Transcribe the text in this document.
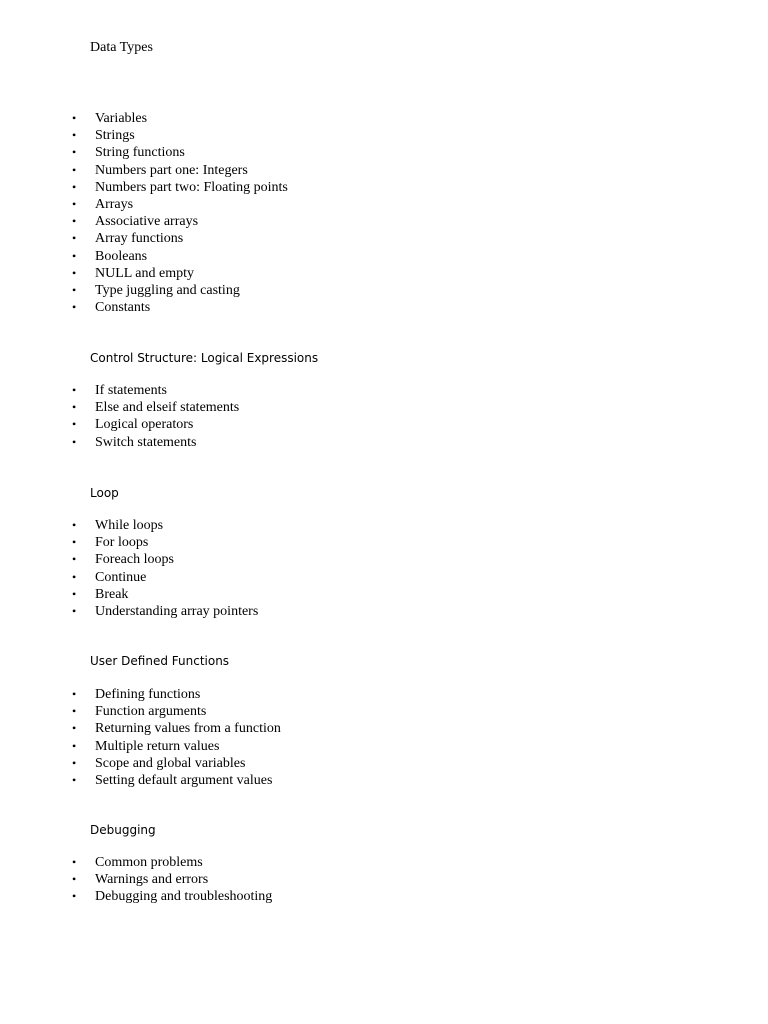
Data Types
• Variables
• Strings
• String functions
• Numbers part one: Integers
• Numbers part two: Floating points
• Arrays
• Associative arrays
• Array functions
• Booleans
• NULL and empty
• Type juggling and casting
• Constants
Control Structure: Logical Expressions
• If statements
• Else and elseif statements
• Logical operators
• Switch statements
Loop
• While loops
• For loops
• Foreach loops
• Continue
• Break
• Understanding array pointers
User Defined Functions
• Defining functions
• Function arguments
• Returning values from a function
• Multiple return values
• Scope and global variables
• Setting default argument values
Debugging
• Common problems
• Warnings and errors
• Debugging and troubleshooting
